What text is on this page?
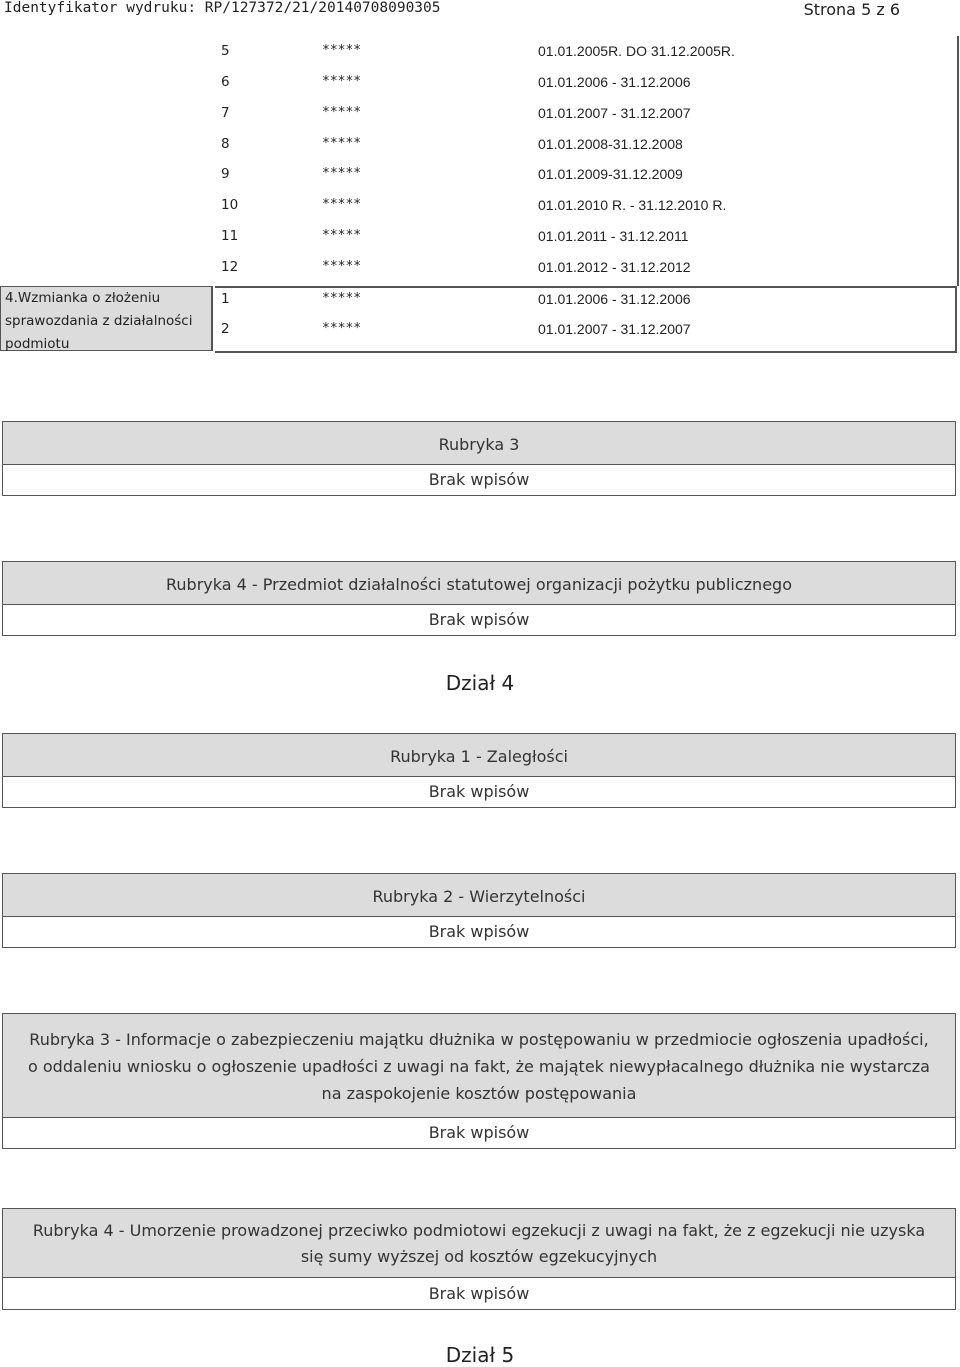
Identyfikator wydruku: RP/127372/21/20140708090305	Strona 5 z 6
5	*****	01.01.2005R. DO 31.12.2005R.
6	*****	01.01.2006 - 31.12.2006
7	*****	01.01.2007 - 31.12.2007
8	*****	01.01.2008-31.12.2008
9	*****	01.01.2009-31.12.2009
10	*****	01.01.2010 R. - 31.12.2010 R.
11	*****	01.01.2011 - 31.12.2011
12	*****	01.01.2012 - 31.12.2012
4.Wzmianka o złożeniu sprawozdania z działalności podmiotu
1	*****	01.01.2006 - 31.12.2006
2	*****	01.01.2007 - 31.12.2007
Rubryka 3
Brak wpisów
Rubryka 4 - Przedmiot działalności statutowej organizacji pożytku publicznego
Brak wpisów
Dział 4
Rubryka 1 - Zaległości
Brak wpisów
Rubryka 2 - Wierzytelności
Brak wpisów
Rubryka 3 - Informacje o zabezpieczeniu majątku dłużnika w postępowaniu w przedmiocie ogłoszenia upadłości, o oddaleniu wniosku o ogłoszenie upadłości z uwagi na fakt, że majątek niewypłacalnego dłużnika nie wystarcza na zaspokojenie kosztów postępowania
Brak wpisów
Rubryka 4 - Umorzenie prowadzonej przeciwko podmiotowi egzekucji z uwagi na fakt, że z egzekucji nie uzyska się sumy wyższej od kosztów egzekucyjnych
Brak wpisów
Dział 5
